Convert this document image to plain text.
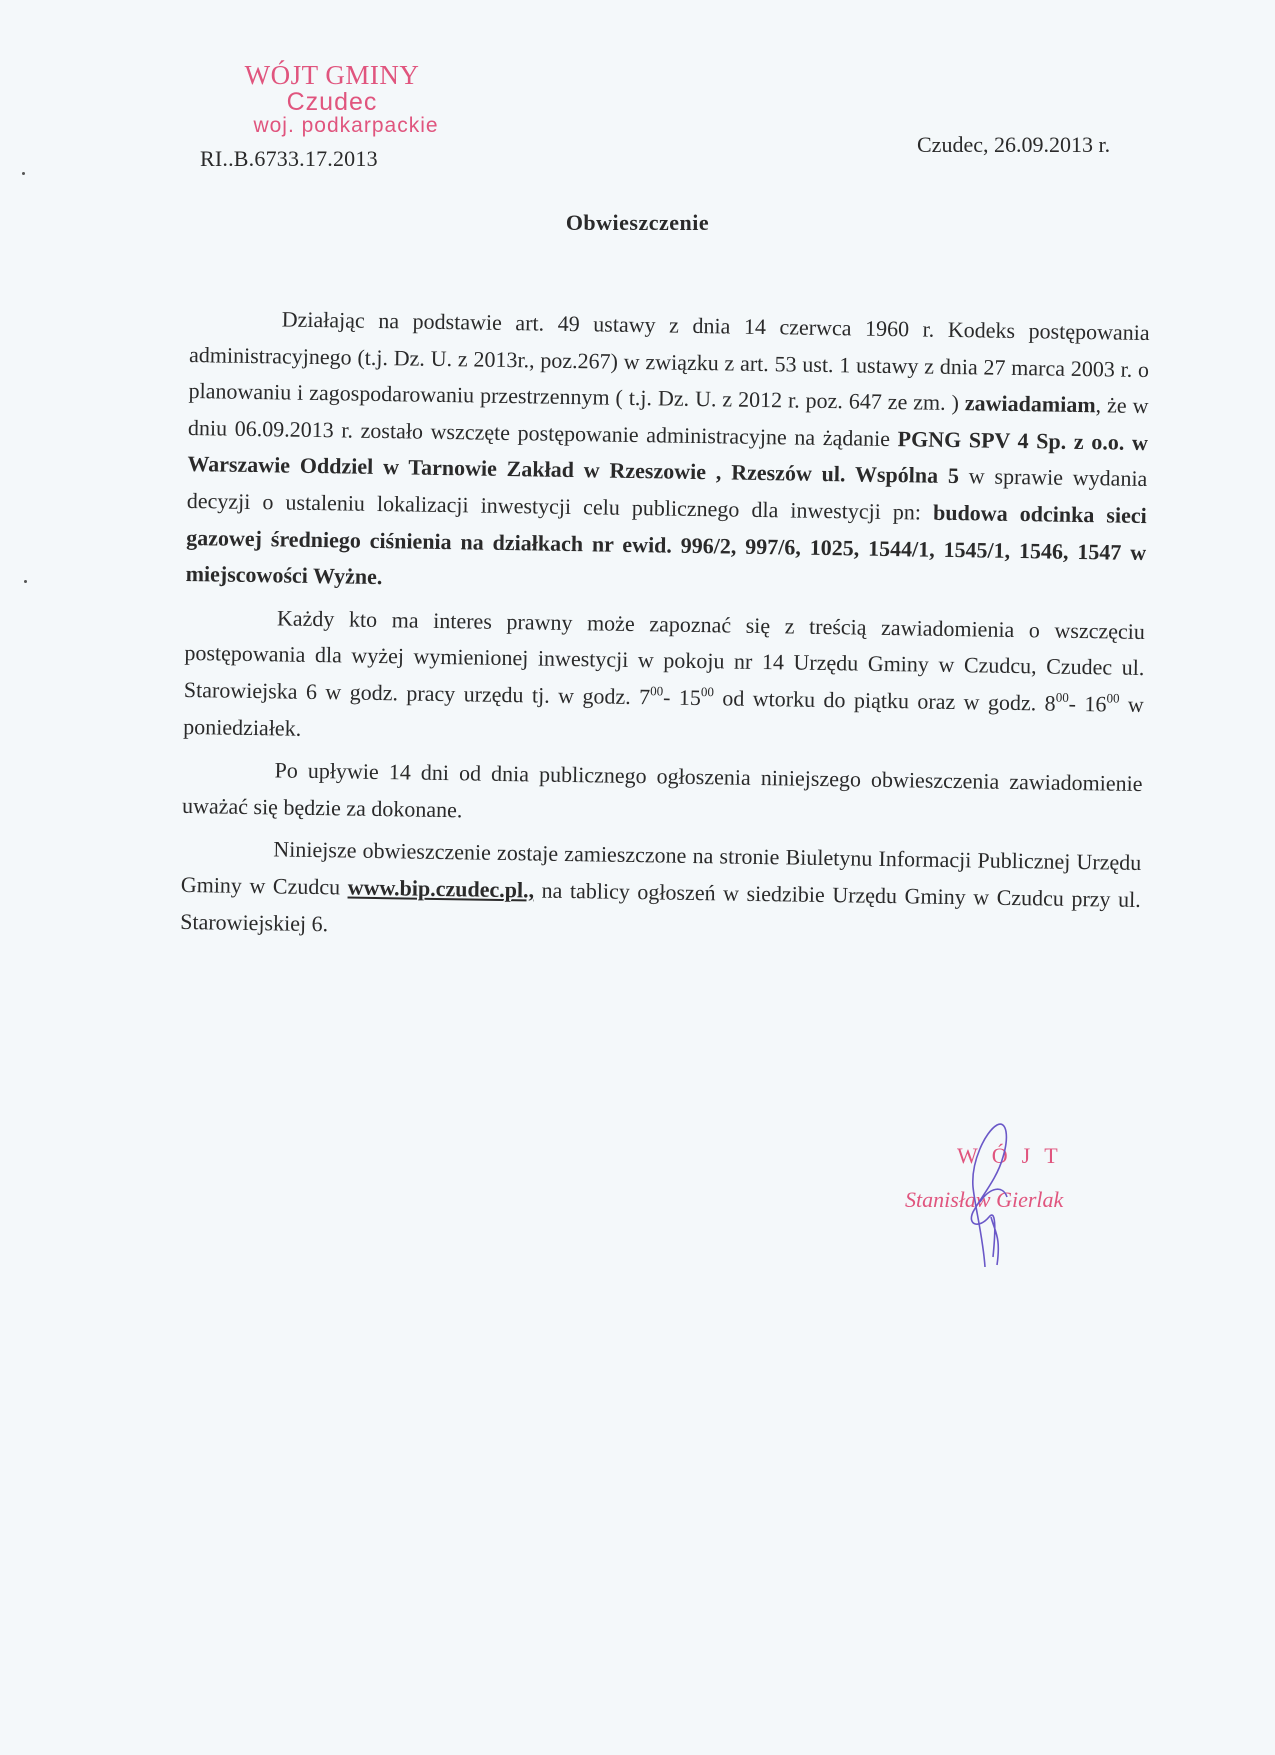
WÓJT GMINY
Czudec
woj. podkarpackie
RI..B.6733.17.2013
Czudec, 26.09.2013 r.
Obwieszczenie

Działając na podstawie art. 49 ustawy z dnia 14 czerwca 1960 r. Kodeks postępowania administracyjnego (t.j. Dz. U. z 2013r., poz.267) w związku z art. 53 ust. 1 ustawy z dnia 27 marca 2003 r. o planowaniu i zagospodarowaniu przestrzennym ( t.j. Dz. U. z 2012 r. poz. 647 ze zm. ) zawiadamiam, że w dniu 06.09.2013 r. zostało wszczęte postępowanie administracyjne na żądanie PGNG SPV 4 Sp. z o.o. w Warszawie Oddziel w Tarnowie Zakład w Rzeszowie , Rzeszów ul. Wspólna 5 w sprawie wydania decyzji o ustaleniu lokalizacji inwestycji celu publicznego dla inwestycji pn: budowa odcinka sieci gazowej średniego ciśnienia na działkach nr ewid. 996/2, 997/6, 1025, 1544/1, 1545/1, 1546, 1547 w miejscowości Wyżne.

Każdy kto ma interes prawny może zapoznać się z treścią zawiadomienia o wszczęciu postępowania dla wyżej wymienionej inwestycji w pokoju nr 14 Urzędu Gminy w Czudcu, Czudec ul. Starowiejska 6 w godz. pracy urzędu tj. w godz. $7^{00}-$ $15^{00}$ od wtorku do piątku oraz w godz. $8^{00}-$ $16^{00}$ w poniedziałek.

Po upływie 14 dni od dnia publicznego ogłoszenia niniejszego obwieszczenia zawiadomienie uważać się będzie za dokonane.

Niniejsze obwieszczenie zostaje zamieszczone na stronie Biuletynu Informacji Publicznej Urzędu Gminy w Czudcu www.bip.czudec.pl., na tablicy ogłoszeń w siedzibie Urzędu Gminy w Czudcu przy ul. Starowiejskiej 6.

WÓJT
Stanisław Gierlak
